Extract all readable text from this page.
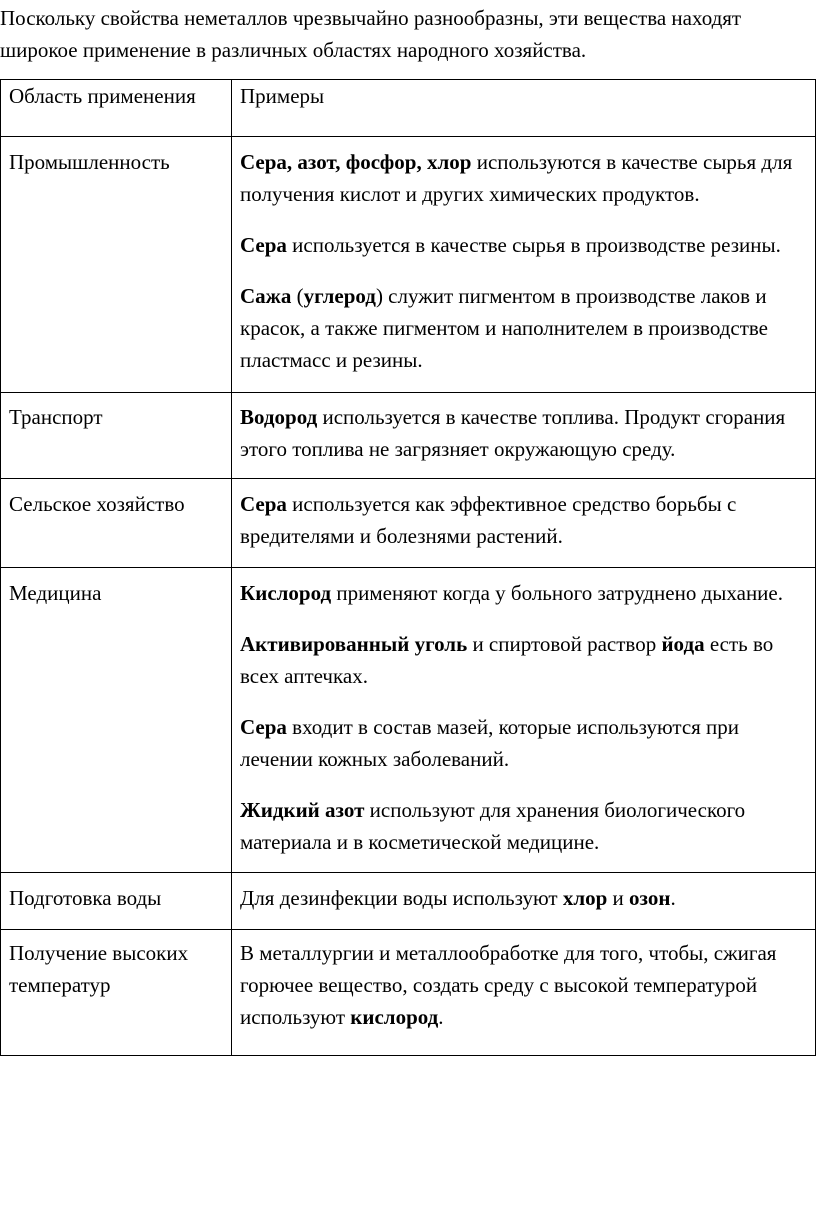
Поскольку свойства неметаллов чрезвычайно разнообразны, эти вещества находят широкое применение в различных областях народного хозяйства.

Область применения	Примеры
Промышленность	Сера, азот, фосфор, хлор используются в качестве сырья для получения кислот и других химических продуктов.

Сера используется в качестве сырья в производстве резины.

Сажа (углерод) служит пигментом в производстве лаков и красок, а также пигментом и наполнителем в производстве пластмасс и резины.

Транспорт	Водород используется в качестве топлива. Продукт сгорания этого топлива не загрязняет окружающую среду.

Сельское хозяйство	Сера используется как эффективное средство борьбы с вредителями и болезнями растений.

Медицина	Кислород применяют когда у больного затруднено дыхание.

Активированный уголь и спиртовой раствор йода есть во всех аптечках.

Сера входит в состав мазей, которые используются при лечении кожных заболеваний.

Жидкий азот используют для хранения биологического материала и в косметической медицине.

Подготовка воды	Для дезинфекции воды используют хлор и озон.

Получение высоких температур	В металлургии и металлообработке для того, чтобы, сжигая горючее вещество, создать среду с высокой температурой используют кислород.
